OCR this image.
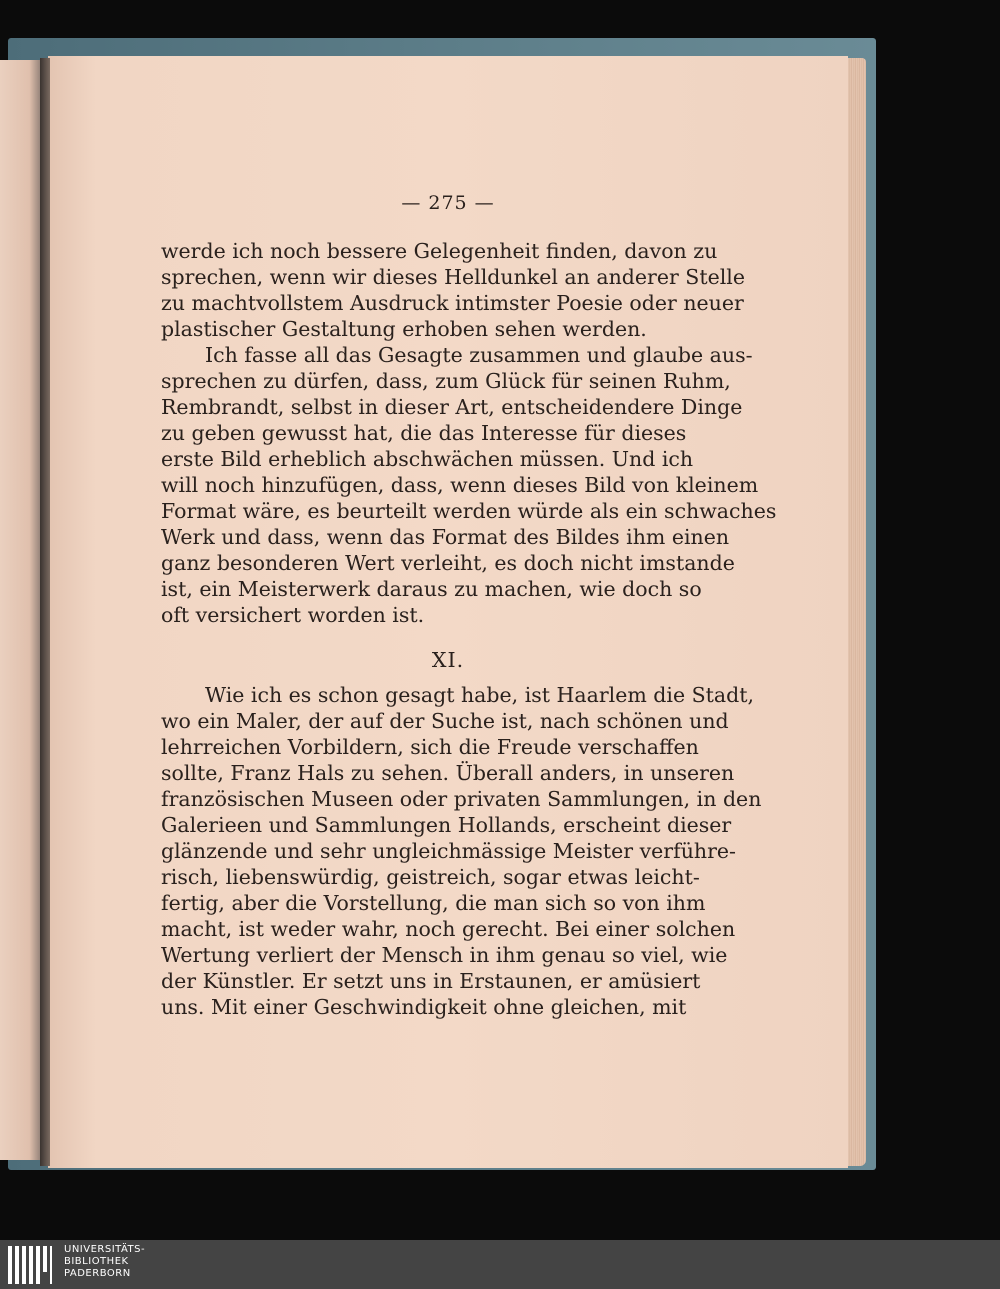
— 275 —
werde ich noch bessere Gelegenheit finden, davon zu
sprechen, wenn wir dieses Helldunkel an anderer Stelle
zu machtvollstem Ausdruck intimster Poesie oder neuer
plastischer Gestaltung erhoben sehen werden.
Ich fasse all das Gesagte zusammen und glaube aus-
sprechen zu dürfen, dass, zum Glück für seinen Ruhm,
Rembrandt, selbst in dieser Art, entscheidendere Dinge
zu geben gewusst hat, die das Interesse für dieses
erste Bild erheblich abschwächen müssen. Und ich
will noch hinzufügen, dass, wenn dieses Bild von kleinem
Format wäre, es beurteilt werden würde als ein schwaches
Werk und dass, wenn das Format des Bildes ihm einen
ganz besonderen Wert verleiht, es doch nicht imstande
ist, ein Meisterwerk daraus zu machen, wie doch so
oft versichert worden ist.
XI.
Wie ich es schon gesagt habe, ist Haarlem die Stadt,
wo ein Maler, der auf der Suche ist, nach schönen und
lehrreichen Vorbildern, sich die Freude verschaffen
sollte, Franz Hals zu sehen. Überall anders, in unseren
französischen Museen oder privaten Sammlungen, in den
Galerieen und Sammlungen Hollands, erscheint dieser
glänzende und sehr ungleichmässige Meister verführe-
risch, liebenswürdig, geistreich, sogar etwas leicht-
fertig, aber die Vorstellung, die man sich so von ihm
macht, ist weder wahr, noch gerecht. Bei einer solchen
Wertung verliert der Mensch in ihm genau so viel, wie
der Künstler. Er setzt uns in Erstaunen, er amüsiert
uns. Mit einer Geschwindigkeit ohne gleichen, mit
UNIVERSITÄTS-
BIBLIOTHEK
PADERBORN
